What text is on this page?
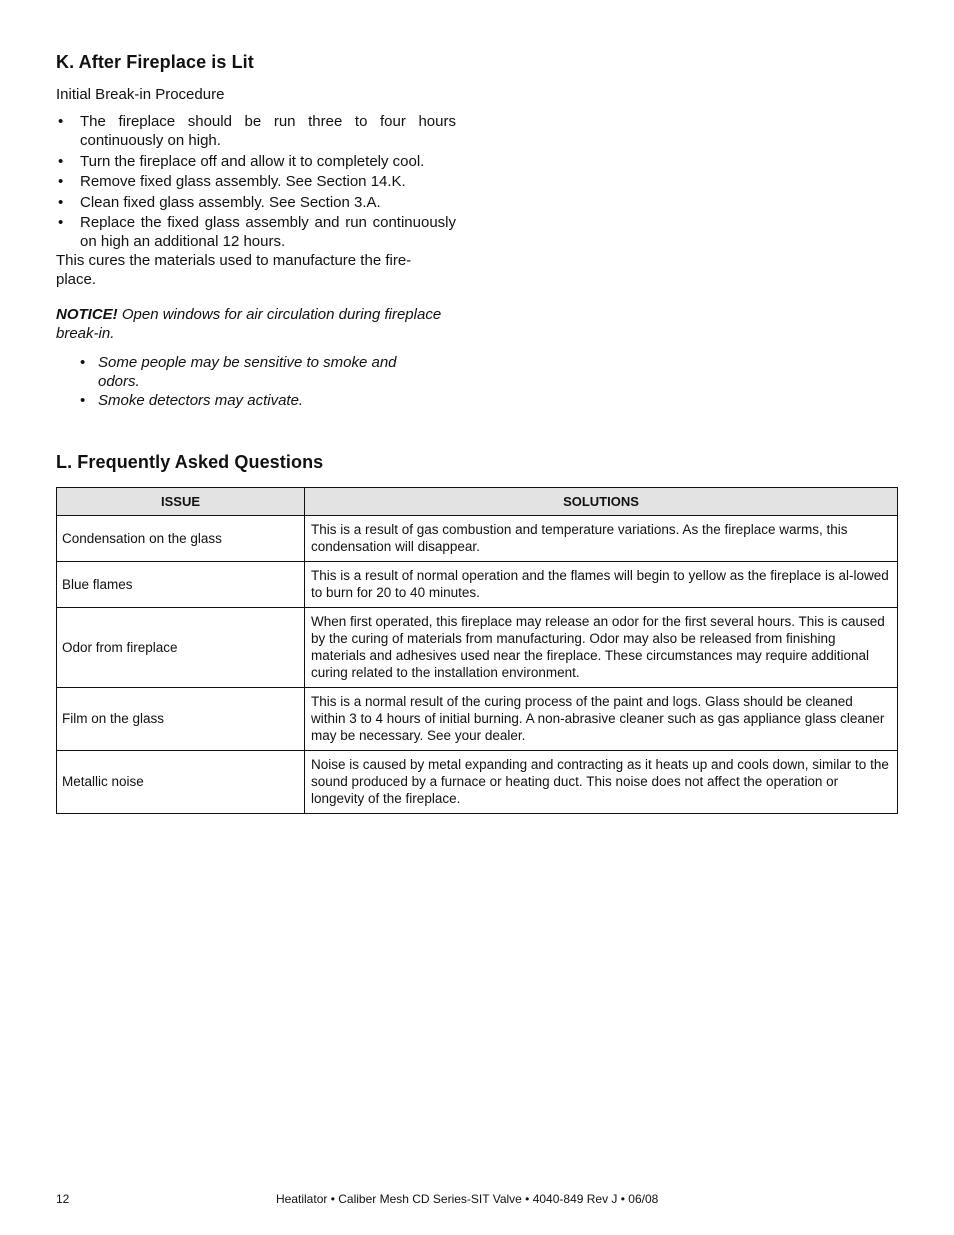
K. After Fireplace is Lit
Initial Break-in Procedure
• The fireplace should be run three to four hours continuously on high.
• Turn the fireplace off and allow it to completely cool.
• Remove fixed glass assembly. See Section 14.K.
• Clean fixed glass assembly. See Section 3.A.
• Replace the fixed glass assembly and run continuously on high an additional 12 hours.
This cures the materials used to manufacture the fire-place.
NOTICE! Open windows for air circulation during fireplace break-in.
• Some people may be sensitive to smoke and odors.
• Smoke detectors may activate.
L. Frequently Asked Questions
ISSUE	SOLUTIONS
Condensation on the glass	This is a result of gas combustion and temperature variations. As the fireplace warms, this condensation will disappear.
Blue flames	This is a result of normal operation and the flames will begin to yellow as the fireplace is al-lowed to burn for 20 to 40 minutes.
Odor from fireplace	When first operated, this fireplace may release an odor for the first several hours. This is caused by the curing of materials from manufacturing. Odor may also be released from finishing materials and adhesives used near the fireplace. These circumstances may require additional curing related to the installation environment.
Film on the glass	This is a normal result of the curing process of the paint and logs. Glass should be cleaned within 3 to 4 hours of initial burning. A non-abrasive cleaner such as gas appliance glass cleaner may be necessary. See your dealer.
Metallic noise	Noise is caused by metal expanding and contracting as it heats up and cools down, similar to the sound produced by a furnace or heating duct. This noise does not affect the operation or longevity of the fireplace.
12	Heatilator • Caliber Mesh CD Series-SIT Valve • 4040-849 Rev J • 06/08
